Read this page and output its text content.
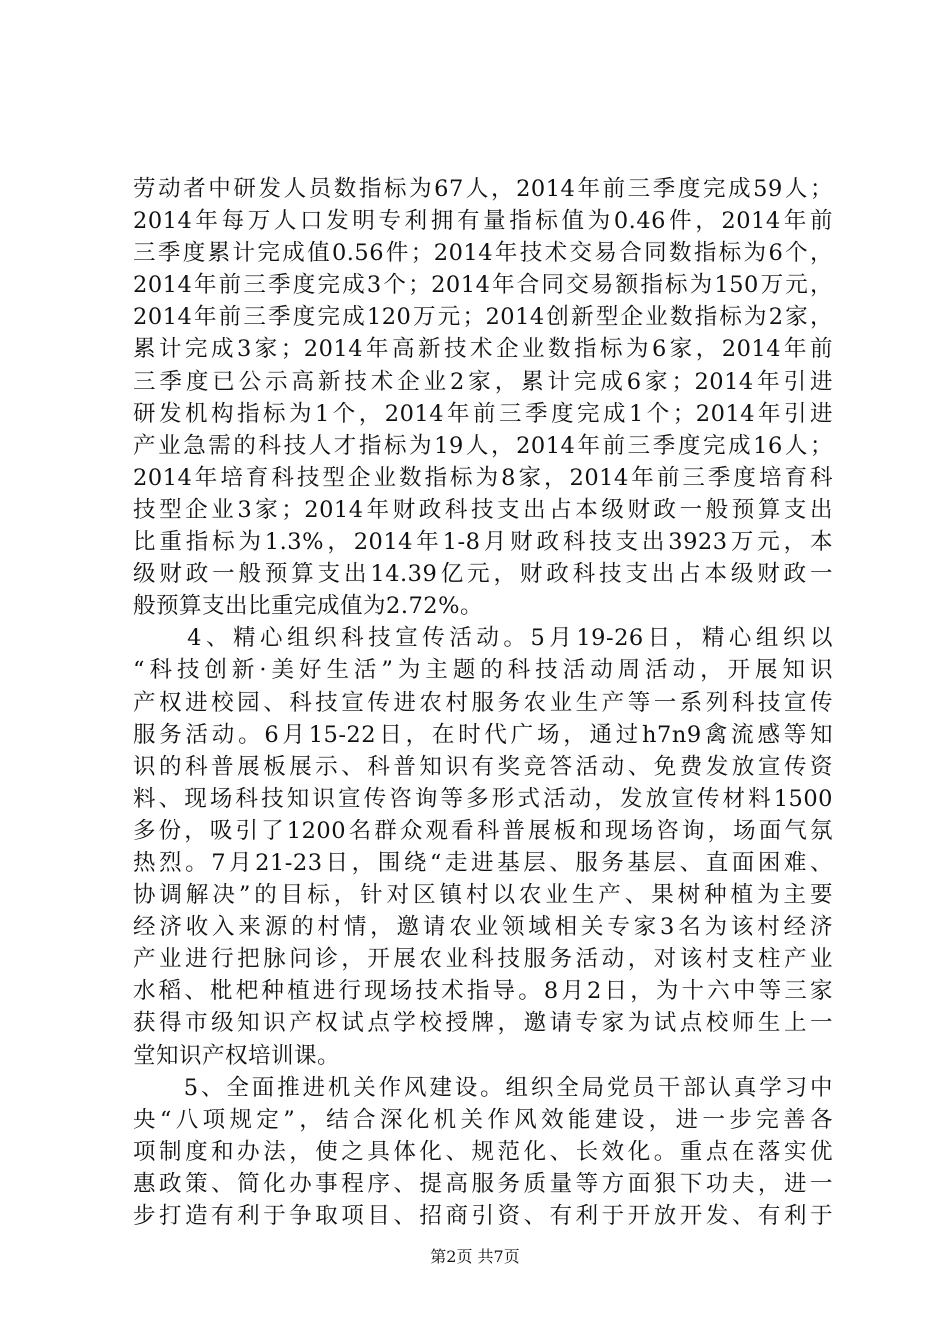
劳动者中研发人员数指标为67人，2014年前三季度完成59人；
2014年每万人口发明专利拥有量指标值为0.46件，2014年前
三季度累计完成值0.56件；2014年技术交易合同数指标为6个，
2014年前三季度完成3个；2014年合同交易额指标为150万元，
2014年前三季度完成120万元；2014创新型企业数指标为2家，
累计完成3家；2014年高新技术企业数指标为6家，2014年前
三季度已公示高新技术企业2家，累计完成6家；2014年引进
研发机构指标为1个，2014年前三季度完成1个；2014年引进
产业急需的科技人才指标为19人，2014年前三季度完成16人；
2014年培育科技型企业数指标为8家，2014年前三季度培育科
技型企业3家；2014年财政科技支出占本级财政一般预算支出
比重指标为1.3%，2014年1-8月财政科技支出3923万元，本
级财政一般预算支出14.39亿元，财政科技支出占本级财政一
般预算支出比重完成值为2.72%。
　　4、精心组织科技宣传活动。5月19-26日，精心组织以
“科技创新·美好生活”为主题的科技活动周活动，开展知识
产权进校园、科技宣传进农村服务农业生产等一系列科技宣传
服务活动。6月15-22日，在时代广场，通过h7n9禽流感等知
识的科普展板展示、科普知识有奖竞答活动、免费发放宣传资
料、现场科技知识宣传咨询等多形式活动，发放宣传材料1500
多份，吸引了1200名群众观看科普展板和现场咨询，场面气氛
热烈。7月21-23日，围绕“走进基层、服务基层、直面困难、
协调解决”的目标，针对区镇村以农业生产、果树种植为主要
经济收入来源的村情，邀请农业领域相关专家3名为该村经济
产业进行把脉问诊，开展农业科技服务活动，对该村支柱产业
水稻、枇杷种植进行现场技术指导。8月2日，为十六中等三家
获得市级知识产权试点学校授牌，邀请专家为试点校师生上一
堂知识产权培训课。
　　5、全面推进机关作风建设。组织全局党员干部认真学习中
央“八项规定”，结合深化机关作风效能建设，进一步完善各
项制度和办法，使之具体化、规范化、长效化。重点在落实优
惠政策、简化办事程序、提高服务质量等方面狠下功夫，进一
步打造有利于争取项目、招商引资、有利于开放开发、有利于
第2页 共7页
